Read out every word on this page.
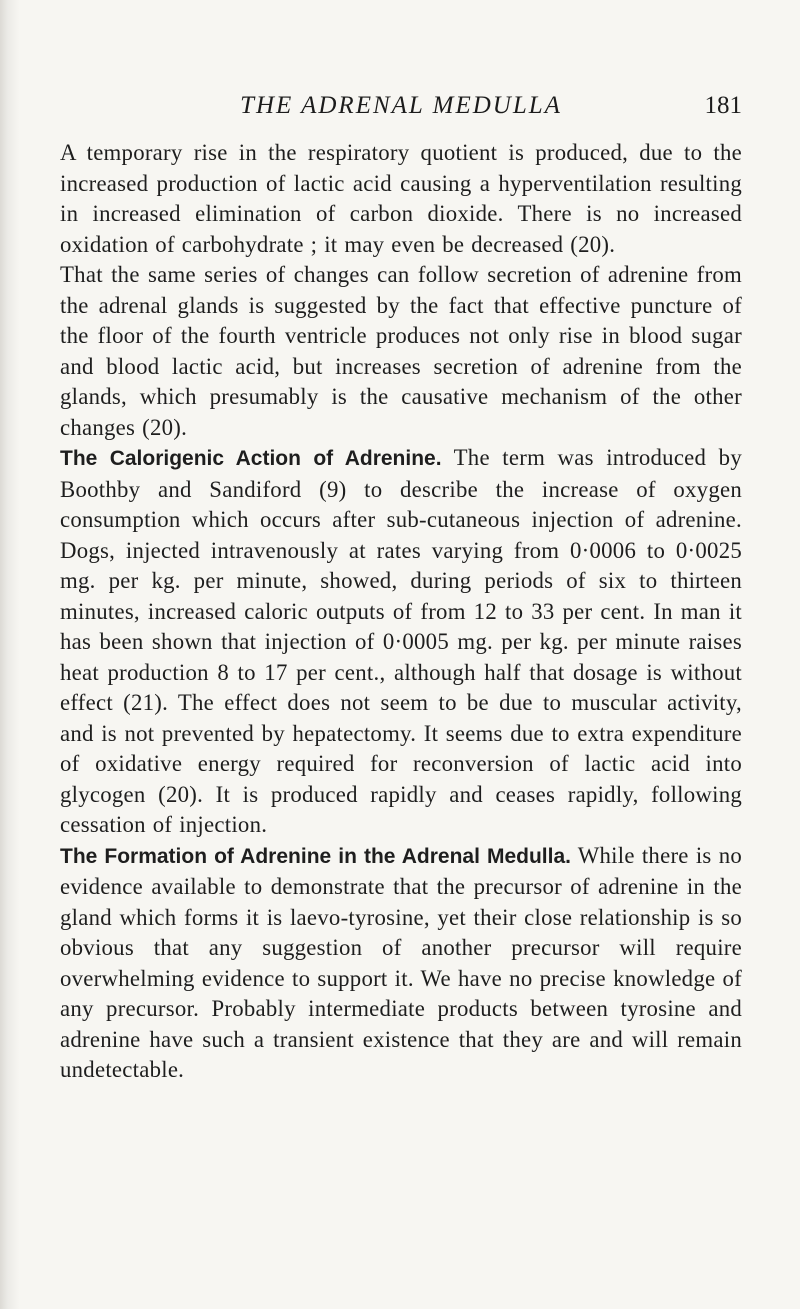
THE ADRENAL MEDULLA	181

A temporary rise in the respiratory quotient is produced, due to the increased production of lactic acid causing a hyperventilation resulting in increased elimination of carbon dioxide. There is no increased oxidation of carbohydrate ; it may even be decreased (20).

That the same series of changes can follow secretion of adrenine from the adrenal glands is suggested by the fact that effective puncture of the floor of the fourth ventricle produces not only rise in blood sugar and blood lactic acid, but increases secretion of adrenine from the glands, which presumably is the causative mechanism of the other changes (20).

The Calorigenic Action of Adrenine. The term was introduced by Boothby and Sandiford (9) to describe the increase of oxygen consumption which occurs after sub-cutaneous injection of adrenine. Dogs, injected intravenously at rates varying from 0·0006 to 0·0025 mg. per kg. per minute, showed, during periods of six to thirteen minutes, increased caloric outputs of from 12 to 33 per cent. In man it has been shown that injection of 0·0005 mg. per kg. per minute raises heat production 8 to 17 per cent., although half that dosage is without effect (21). The effect does not seem to be due to muscular activity, and is not prevented by hepatectomy. It seems due to extra expenditure of oxidative energy required for reconversion of lactic acid into glycogen (20). It is produced rapidly and ceases rapidly, following cessation of injection.

The Formation of Adrenine in the Adrenal Medulla. While there is no evidence available to demonstrate that the precursor of adrenine in the gland which forms it is laevo-tyrosine, yet their close relationship is so obvious that any suggestion of another precursor will require overwhelming evidence to support it. We have no precise knowledge of any precursor. Probably intermediate products between tyrosine and adrenine have such a transient existence that they are and will remain undetectable.
